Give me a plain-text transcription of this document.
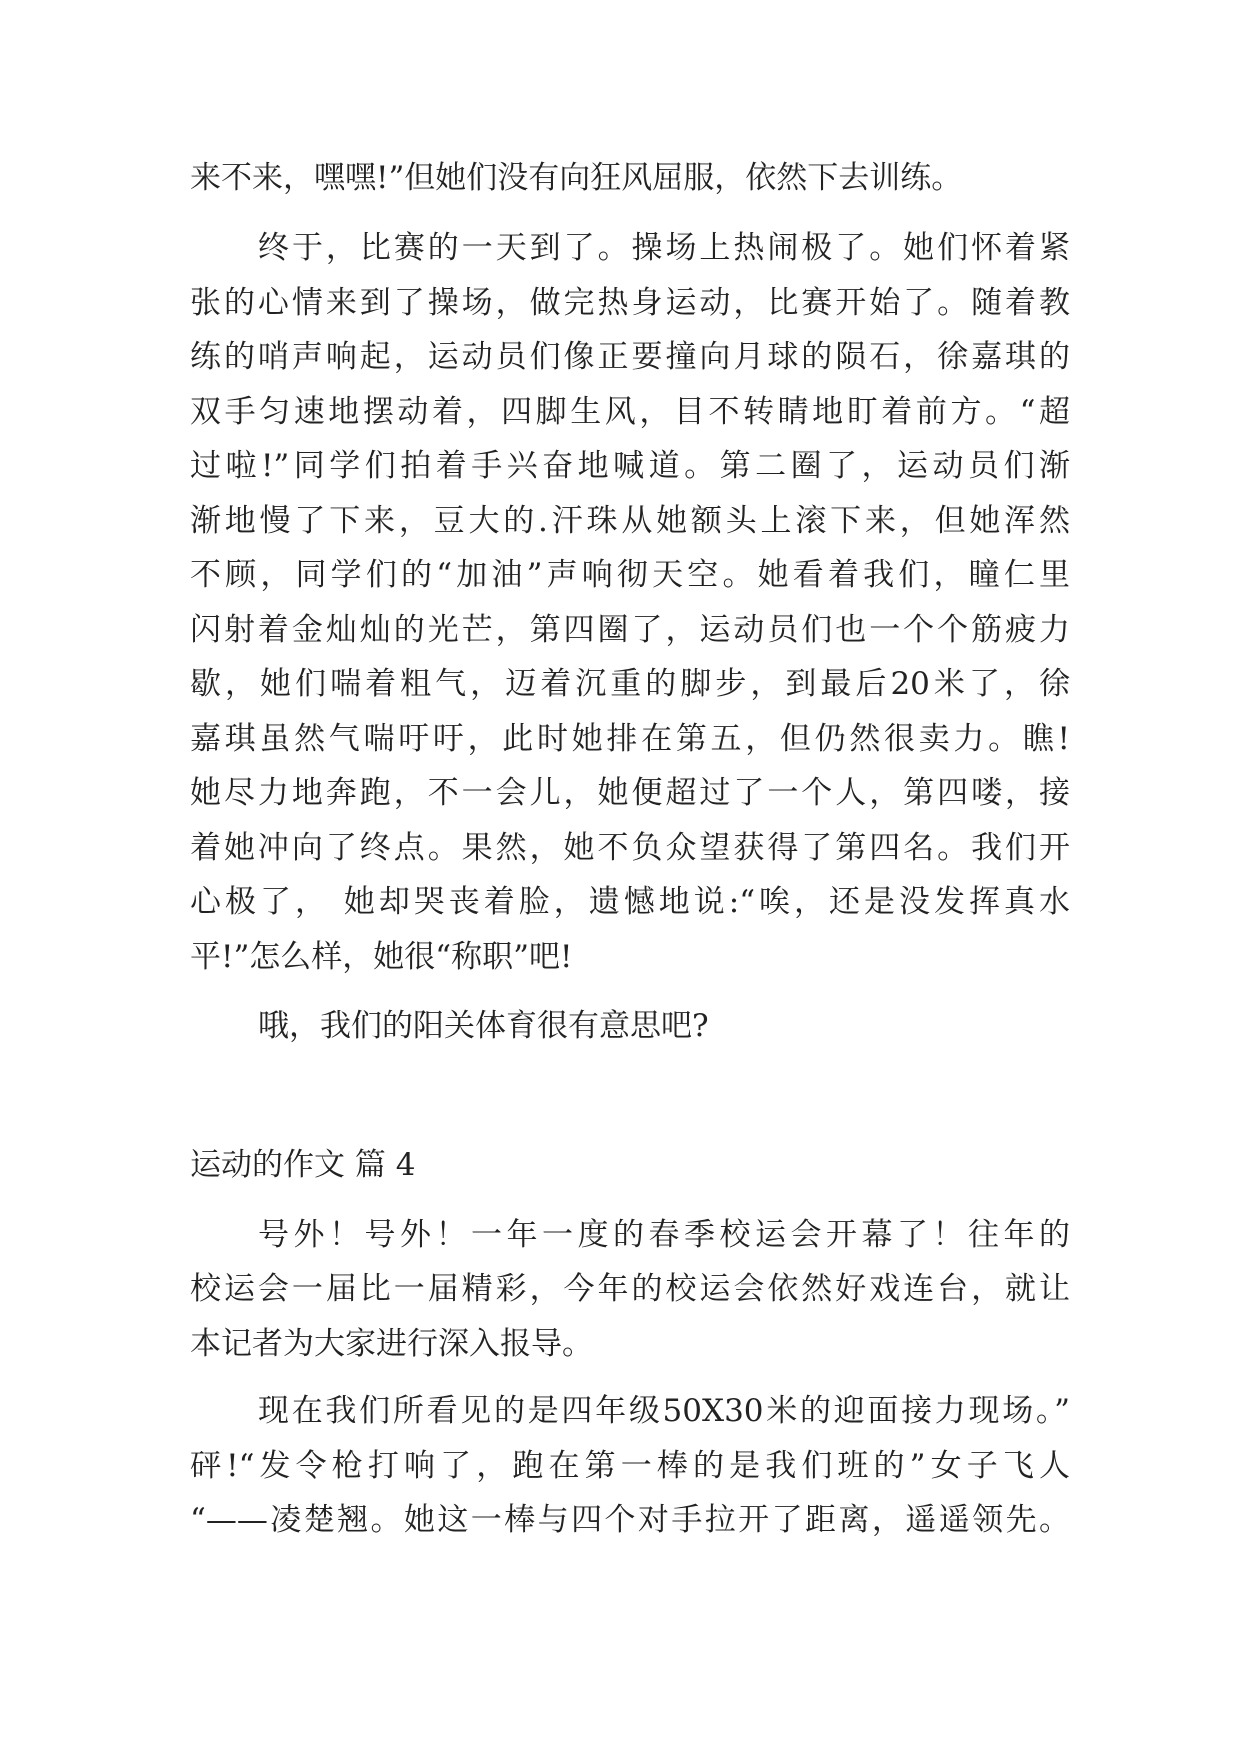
来不来，嘿嘿!”但她们没有向狂风屈服，依然下去训练。
终于，比赛的一天到了。操场上热闹极了。她们怀着紧
张的心情来到了操场，做完热身运动，比赛开始了。随着教
练的哨声响起，运动员们像正要撞向月球的陨石，徐嘉琪的
双手匀速地摆动着，四脚生风，目不转睛地盯着前方。“超
过啦!”同学们拍着手兴奋地喊道。第二圈了，运动员们渐
渐地慢了下来，豆大的.汗珠从她额头上滚下来，但她浑然
不顾，同学们的“加油”声响彻天空。她看着我们，瞳仁里
闪射着金灿灿的光芒，第四圈了，运动员们也一个个筋疲力
歇，她们喘着粗气，迈着沉重的脚步，到最后20米了，徐
嘉琪虽然气喘吁吁，此时她排在第五，但仍然很卖力。瞧!
她尽力地奔跑，不一会儿，她便超过了一个人，第四喽，接
着她冲向了终点。果然，她不负众望获得了第四名。我们开
心极了， 她却哭丧着脸，遗憾地说:“唉，还是没发挥真水
平!”怎么样，她很“称职”吧!
哦，我们的阳关体育很有意思吧?
运动的作文 篇 4
号外！号外！一年一度的春季校运会开幕了！往年的
校运会一届比一届精彩，今年的校运会依然好戏连台，就让
本记者为大家进行深入报导。
现在我们所看见的是四年级50X30米的迎面接力现场。”
砰!“发令枪打响了，跑在第一棒的是我们班的”女子飞人
“——凌楚翘。她这一棒与四个对手拉开了距离，遥遥领先。
